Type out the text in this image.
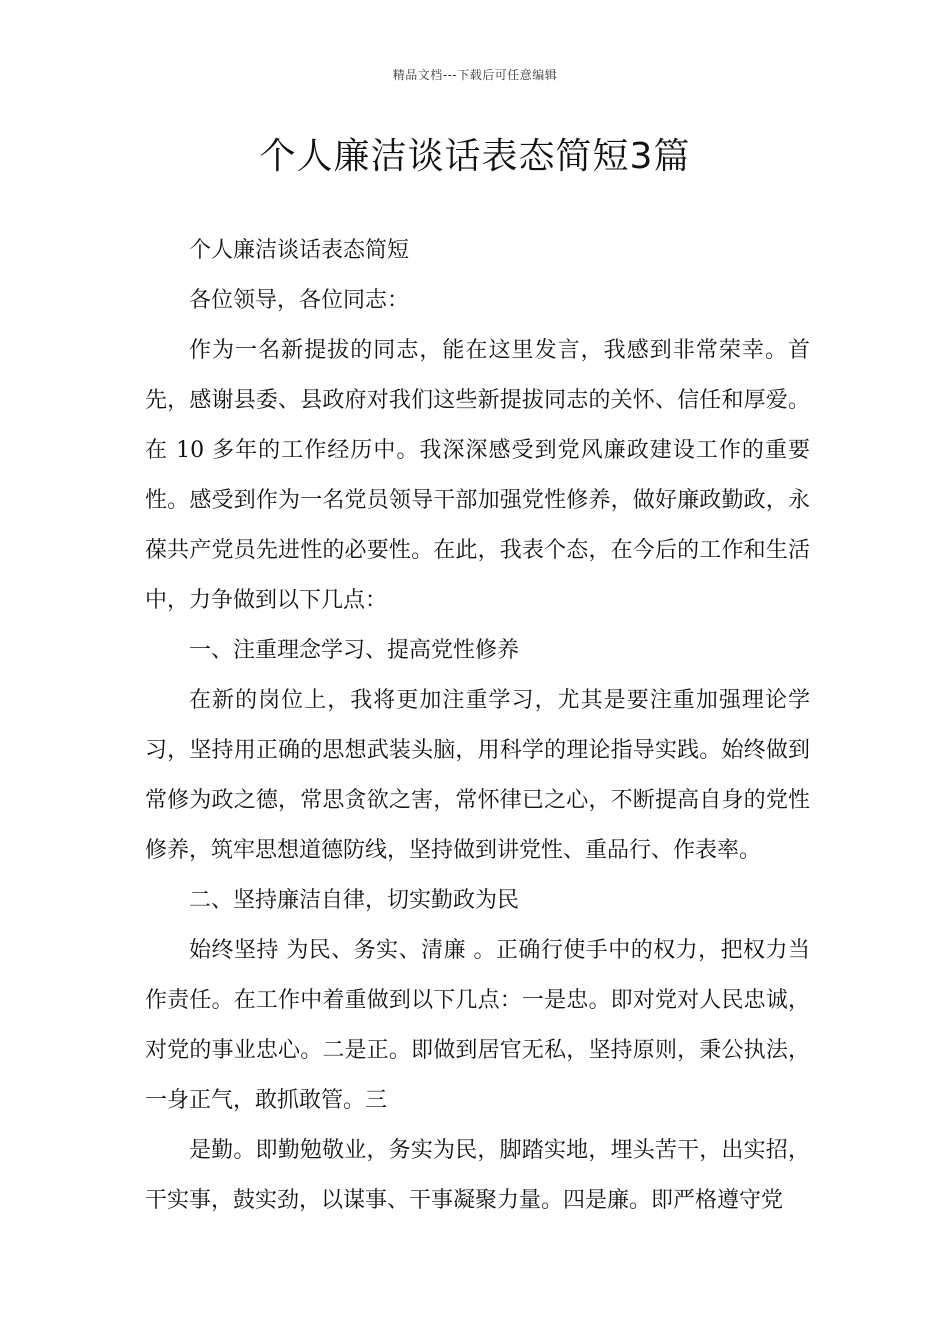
精品文档---下载后可任意编辑
个人廉洁谈话表态简短3篇

个人廉洁谈话表态简短

各位领导，各位同志：

作为一名新提拔的同志，能在这里发言，我感到非常荣幸。首先，感谢县委、县政府对我们这些新提拔同志的关怀、信任和厚爱。在 10 多年的工作经历中。我深深感受到党风廉政建设工作的重要性。感受到作为一名党员领导干部加强党性修养，做好廉政勤政，永葆共产党员先进性的必要性。在此，我表个态，在今后的工作和生活中，力争做到以下几点：

一、注重理念学习、提高党性修养

在新的岗位上，我将更加注重学习，尤其是要注重加强理论学习，坚持用正确的思想武装头脑，用科学的理论指导实践。始终做到常修为政之德，常思贪欲之害，常怀律已之心，不断提高自身的党性修养，筑牢思想道德防线，坚持做到讲党性、重品行、作表率。

二、坚持廉洁自律，切实勤政为民

始终坚持 为民、务实、清廉 。正确行使手中的权力，把权力当作责任。在工作中着重做到以下几点：一是忠。即对党对人民忠诚，对党的事业忠心。二是正。即做到居官无私，坚持原则，秉公执法，一身正气，敢抓敢管。三

是勤。即勤勉敬业，务实为民，脚踏实地，埋头苦干，出实招，干实事，鼓实劲，以谋事、干事凝聚力量。四是廉。即严格遵守党
